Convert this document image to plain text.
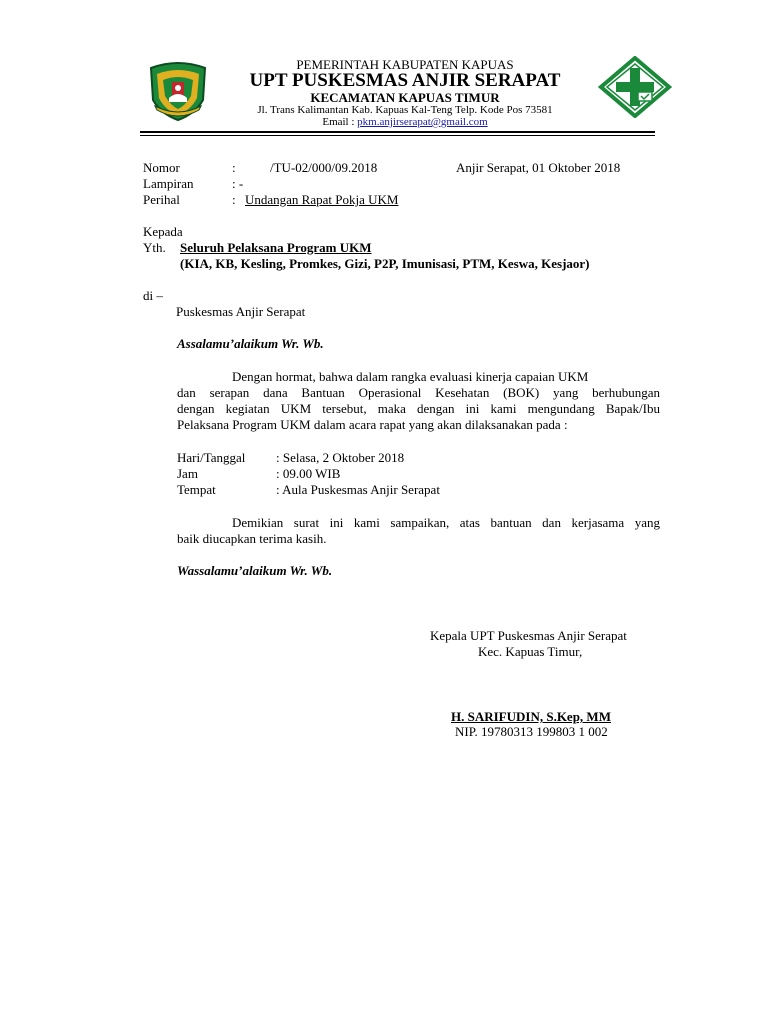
PEMERINTAH KABUPATEN KAPUAS
UPT PUSKESMAS ANJIR SERAPAT
KECAMATAN KAPUAS TIMUR
Jl. Trans Kalimantan Kab. Kapuas Kal-Teng Telp. Kode Pos 73581
Email : pkm.anjirserapat@gmail.com
Nomor	:	/TU-02/000/09.2018	Anjir Serapat, 01 Oktober 2018
Lampiran	: -
Perihal	: Undangan Rapat Pokja UKM
Kepada
Yth. Seluruh Pelaksana Program UKM
(KIA, KB, Kesling, Promkes, Gizi, P2P, Imunisasi, PTM, Keswa, Kesjaor)
di –
Puskesmas Anjir Serapat
Assalamu’alaikum Wr. Wb.
Dengan hormat, bahwa dalam rangka evaluasi kinerja capaian UKM
dan serapan dana Bantuan Operasional Kesehatan (BOK) yang berhubungan
dengan kegiatan UKM tersebut, maka dengan ini kami mengundang Bapak/Ibu
Pelaksana Program UKM dalam acara rapat yang akan dilaksanakan pada :
Hari/Tanggal : Selasa, 2 Oktober 2018
Jam	: 09.00 WIB
Tempat	: Aula Puskesmas Anjir Serapat
Demikian surat ini kami sampaikan, atas bantuan dan kerjasama yang
baik diucapkan terima kasih.
Wassalamu’alaikum Wr. Wb.
Kepala UPT Puskesmas Anjir Serapat
Kec. Kapuas Timur,
H. SARIFUDIN, S.Kep, MM
NIP. 19780313 199803 1 002
